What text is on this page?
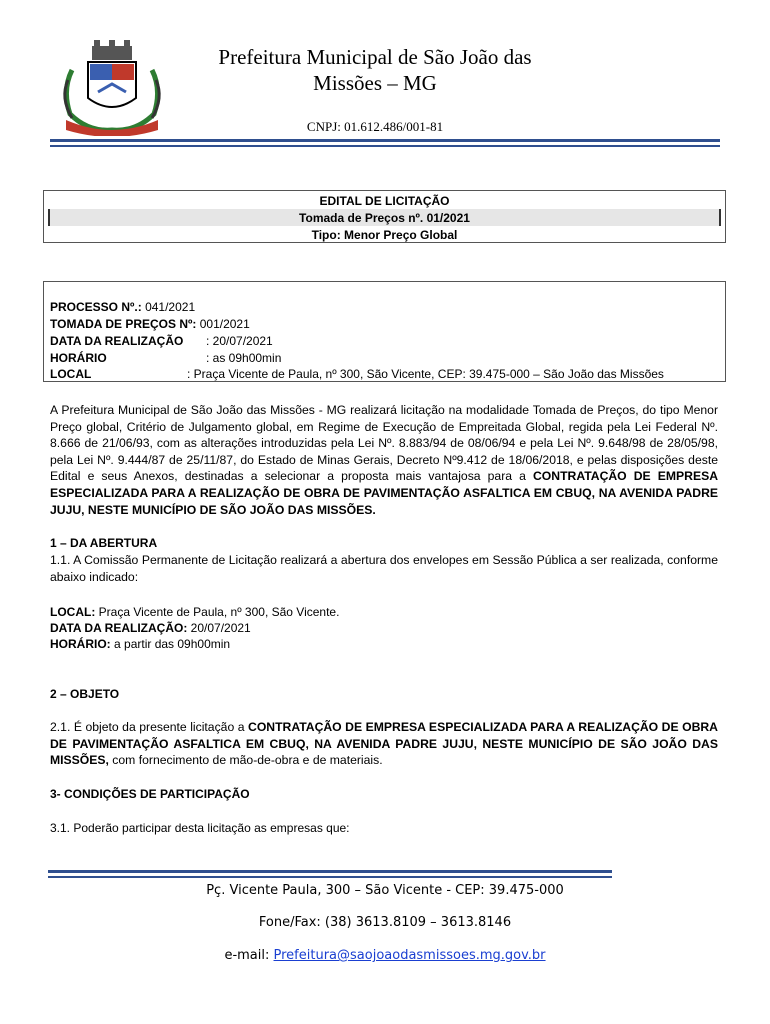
Prefeitura Municipal de São João das
Missões – MG
CNPJ: 01.612.486/001-81
EDITAL DE LICITAÇÃO
Tomada de Preços nº. 01/2021
Tipo: Menor Preço Global
PROCESSO Nº.: 041/2021
TOMADA DE PREÇOS Nº: 001/2021
DATA DA REALIZAÇÃO : 20/07/2021
HORÁRIO	: as 09h00min
LOCAL	: Praça Vicente de Paula, nº 300, São Vicente, CEP: 39.475-000 – São João das Missões
A Prefeitura Municipal de São João das Missões - MG realizará licitação na modalidade Tomada de Preços, do tipo Menor Preço global, Critério de Julgamento global, em Regime de Execução de Empreitada Global, regida pela Lei Federal Nº. 8.666 de 21/06/93, com as alterações introduzidas pela Lei Nº. 8.883/94 de 08/06/94 e pela Lei Nº. 9.648/98 de 28/05/98, pela Lei Nº. 9.444/87 de 25/11/87, do Estado de Minas Gerais, Decreto Nº9.412 de 18/06/2018, e pelas disposições deste Edital e seus Anexos, destinadas a selecionar a proposta mais vantajosa para a CONTRATAÇÃO DE EMPRESA ESPECIALIZADA PARA A REALIZAÇÃO DE OBRA DE PAVIMENTAÇÃO ASFALTICA EM CBUQ, NA AVENIDA PADRE JUJU, NESTE MUNICÍPIO DE SÃO JOÃO DAS MISSÕES.
1 – DA ABERTURA
1.1. A Comissão Permanente de Licitação realizará a abertura dos envelopes em Sessão Pública a ser realizada, conforme abaixo indicado:
LOCAL: Praça Vicente de Paula, nº 300, São Vicente.
DATA DA REALIZAÇÃO: 20/07/2021
HORÁRIO: a partir das 09h00min
2 – OBJETO
2.1. É objeto da presente licitação a CONTRATAÇÃO DE EMPRESA ESPECIALIZADA PARA A REALIZAÇÃO DE OBRA DE PAVIMENTAÇÃO ASFALTICA EM CBUQ, NA AVENIDA PADRE JUJU, NESTE MUNICÍPIO DE SÃO JOÃO DAS MISSÕES, com fornecimento de mão-de-obra e de materiais.
3- CONDIÇÕES DE PARTICIPAÇÃO
3.1. Poderão participar desta licitação as empresas que:
Pç. Vicente Paula, 300 – São Vicente - CEP: 39.475-000
Fone/Fax: (38) 3613.8109 – 3613.8146
e-mail: Prefeitura@saojoaodasmissoes.mg.gov.br
